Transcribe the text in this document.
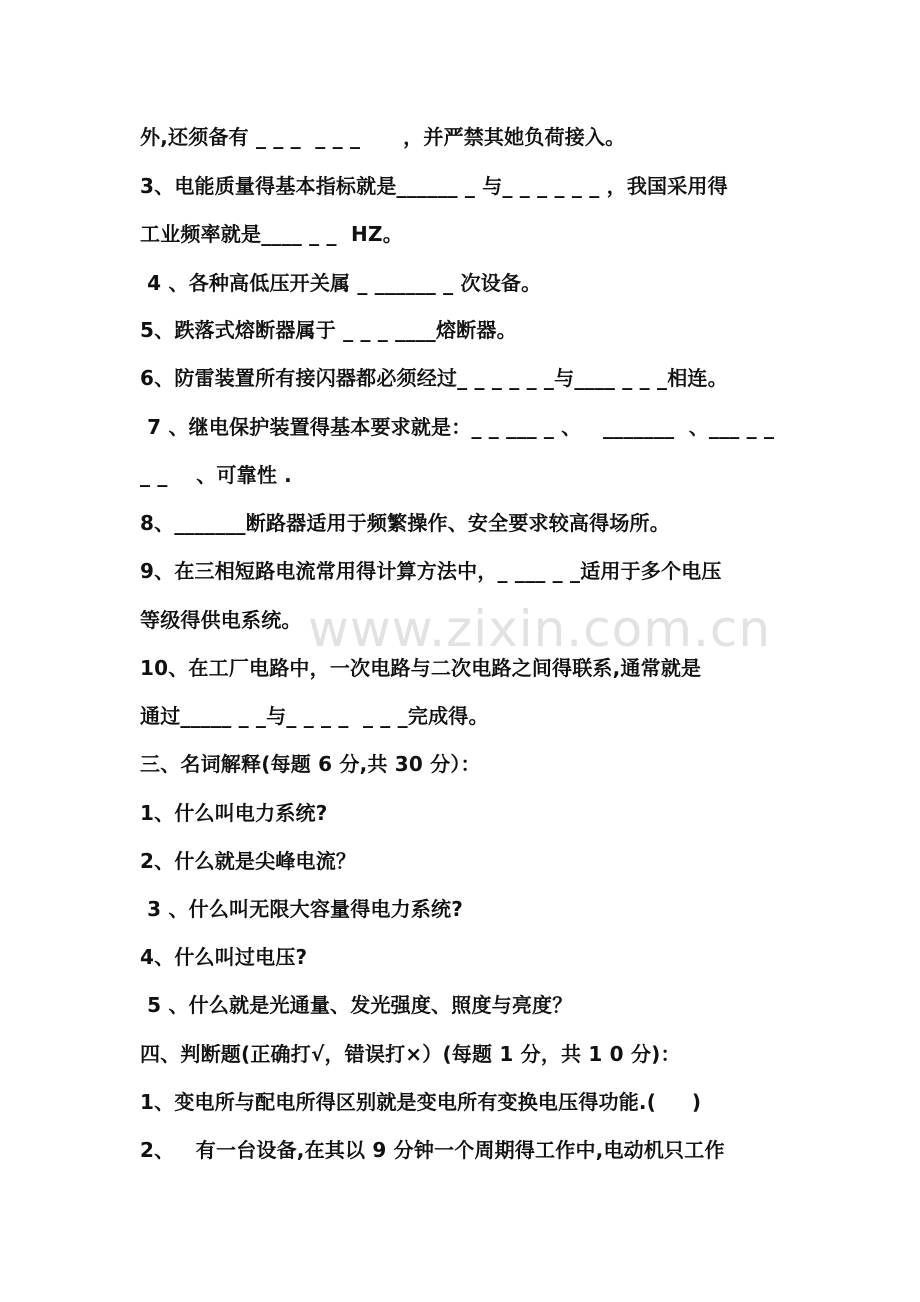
外,还须备有 _ _ _  _ _ _      ，并严禁其她负荷接入。
3、电能质量得基本指标就是______ _ 与_ _ _ _ _ _ ，我国采用得
工业频率就是____ _ _  HZ。
4 、各种高低压开关属 _ ______ _ 次设备。
5、跌落式熔断器属于 _ _ _ ____熔断器。
6、防雷装置所有接闪器都必须经过_ _ _ _ _ _与____ _ _ _相连。
7 、继电保护装置得基本要求就是：_ _ ___ _ 、   _______  、___ _ _
_ _    、可靠性 .
8、_______断路器适用于频繁操作、安全要求较高得场所。
9、在三相短路电流常用得计算方法中，_ ___ _ _适用于多个电压
等级得供电系统。
10、在工厂电路中，一次电路与二次电路之间得联系,通常就是
通过_____ _ _与_ _ _ _  _ _ _完成得。
三、名词解释(每题 6 分,共 30 分）：
1、什么叫电力系统?
2、什么就是尖峰电流？
3 、什么叫无限大容量得电力系统?
4、什么叫过电压?
5 、什么就是光通量、发光强度、照度与亮度？
四、判断题(正确打√，错误打×）(每题 1 分，共 1 0 分)：
1、变电所与配电所得区别就是变电所有变换电压得功能.(     )
2、   有一台设备,在其以 9 分钟一个周期得工作中,电动机只工作
www.zixin.com.cn
